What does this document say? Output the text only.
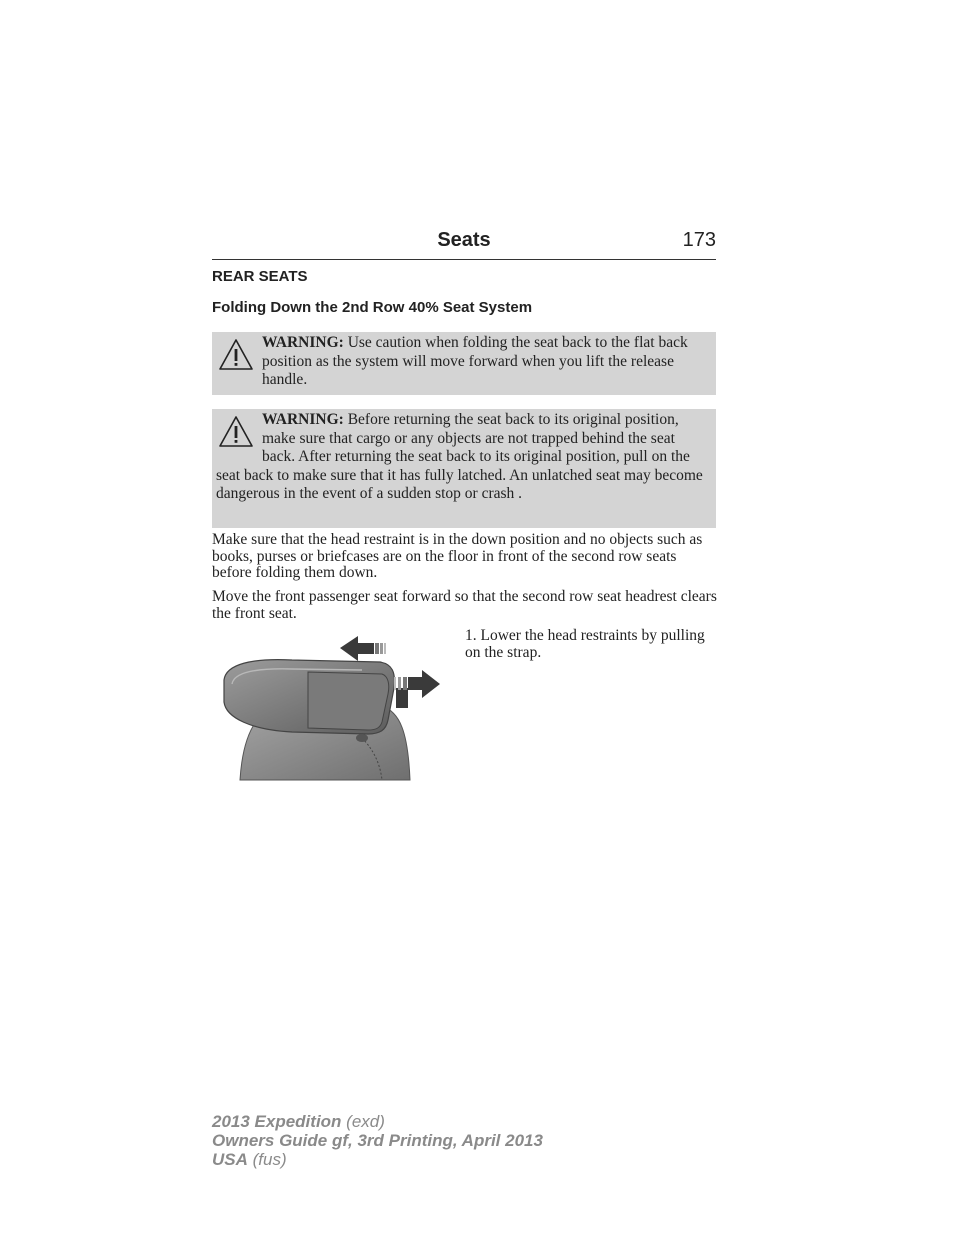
Seats	173
REAR SEATS
Folding Down the 2nd Row 40% Seat System
WARNING: Use caution when folding the seat back to the flat back position as the system will move forward when you lift the release handle.
WARNING: Before returning the seat back to its original position, make sure that cargo or any objects are not trapped behind the seat back. After returning the seat back to its original position, pull on the seat back to make sure that it has fully latched. An unlatched seat may become dangerous in the event of a sudden stop or crash .
Make sure that the head restraint is in the down position and no objects such as books, purses or briefcases are on the floor in front of the second row seats before folding them down.
Move the front passenger seat forward so that the second row seat headrest clears the front seat.
1. Lower the head restraints by pulling on the strap.
2013 Expedition (exd)
Owners Guide gf, 3rd Printing, April 2013
USA (fus)
